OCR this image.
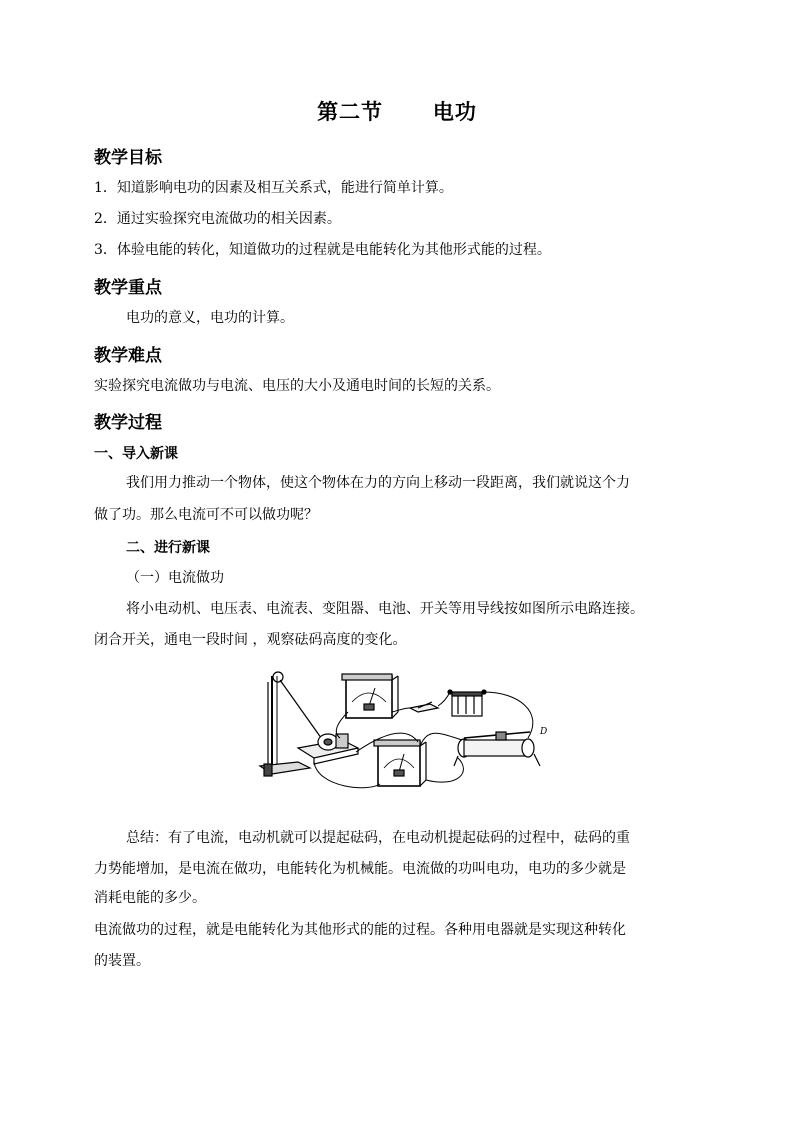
第二节      电功
教学目标
1．知道影响电功的因素及相互关系式，能进行简单计算。
2．通过实验探究电流做功的相关因素。
3．体验电能的转化，知道做功的过程就是电能转化为其他形式能的过程。
教学重点
电功的意义，电功的计算。
教学难点
实验探究电流做功与电流、电压的大小及通电时间的长短的关系。
教学过程
一、导入新课
我们用力推动一个物体，使这个物体在力的方向上移动一段距离，我们就说这个力
做了功。那么电流可不可以做功呢？
二、进行新课
（一）电流做功
将小电动机、电压表、电流表、变阻器、电池、开关等用导线按如图所示电路连接。
闭合开关，通电一段时间 ，观察砝码高度的变化。
D
总结：有了电流，电动机就可以提起砝码，在电动机提起砝码的过程中，砝码的重
力势能增加，是电流在做功，电能转化为机械能。电流做的功叫电功，电功的多少就是
消耗电能的多少。
电流做功的过程，就是电能转化为其他形式的能的过程。各种用电器就是实现这种转化
的装置。
